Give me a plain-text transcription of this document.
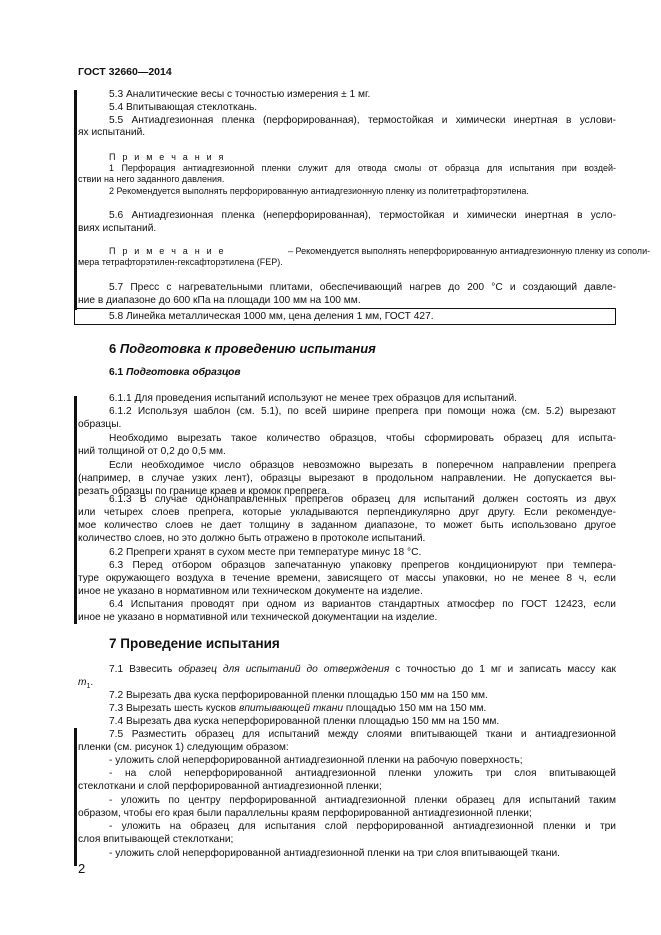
ГОСТ 32660—2014
5.3 Аналитические весы с точностью измерения ± 1 мг.
5.4 Впитывающая стеклоткань.
5.5 Антиадгезионная пленка (перфорированная), термостойкая и химически инертная в услови-
ях испытаний.
П р и м е ч а н и я
1 Перфорация антиадгезионной пленки служит для отвода смолы от образца для испытания при воздей-
ствии на него заданного давления.
2 Рекомендуется выполнять перфорированную антиадгезионную пленку из политетрафторэтилена.
5.6 Антиадгезионная пленка (неперфорированная), термостойкая и химически инертная в усло-
виях испытаний.
П р и м е ч а н и е	– Рекомендуется выполнять неперфорированную антиадгезионную пленку из сополи-
мера тетрафторэтилен-гексафторэтилена (FEP).
5.7 Пресс с нагревательными плитами, обеспечивающий нагрев до 200 °С и создающий давле-
ние в диапазоне до 600 кПа на площади 100 мм на 100 мм.
5.8 Линейка металлическая 1000 мм, цена деления 1 мм, ГОСТ 427.
6 Подготовка к проведению испытания
6.1 Подготовка образцов
6.1.1 Для проведения испытаний используют не менее трех образцов для испытаний.
6.1.2 Используя шаблон (см. 5.1), по всей ширине препрега при помощи ножа (см. 5.2) вырезают
образцы.
Необходимо вырезать такое количество образцов, чтобы сформировать образец для испыта-
ний толщиной от 0,2 до 0,5 мм.
Если необходимое число образцов невозможно вырезать в поперечном направлении препрега
(например, в случае узких лент), образцы вырезают в продольном направлении. Не допускается вы-
резать образцы по границе краев и кромок препрега.
6.1.3 В случае однонаправленных препрегов образец для испытаний должен состоять из двух
или четырех слоев препрега, которые укладываются перпендикулярно друг другу. Если рекомендуе-
мое количество слоев не дает толщину в заданном диапазоне, то может быть использовано другое
количество слоев, но это должно быть отражено в протоколе испытаний.
6.2 Препреги хранят в сухом месте при температуре минус 18 °С.
6.3 Перед отбором образцов запечатанную упаковку препрегов кондиционируют при темпера-
туре окружающего воздуха в течение времени, зависящего от массы упаковки, но не менее 8 ч, если
иное не указано в нормативном или техническом документе на изделие.
6.4 Испытания проводят при одном из вариантов стандартных атмосфер по ГОСТ 12423, если
иное не указано в нормативной или технической документации на изделие.
7 Проведение испытания
7.1 Взвесить образец для испытаний до отверждения с точностью до 1 мг и записать массу как
$m_1$.
7.2 Вырезать два куска перфорированной пленки площадью 150 мм на 150 мм.
7.3 Вырезать шесть кусков впитывающей ткани площадью 150 мм на 150 мм.
7.4 Вырезать два куска неперфорированной пленки площадью 150 мм на 150 мм.
7.5 Разместить образец для испытаний между слоями впитывающей ткани и антиадгезионной
пленки (см. рисунок 1) следующим образом:
- уложить слой неперфорированной антиадгезионной пленки на рабочую поверхность;
- на слой неперфорированной антиадгезионной пленки уложить три слоя впитывающей
стеклоткани и слой перфорированной антиадгезионной пленки;
- уложить по центру перфорированной антиадгезионной пленки образец для испытаний таким
образом, чтобы его края были параллельны краям перфорированной антиадгезионной пленки;
- уложить на образец для испытания слой перфорированной антиадгезионной пленки и три
слоя впитывающей стеклоткани;
- уложить слой неперфорированной антиадгезионной пленки на три слоя впитывающей ткани.
2
